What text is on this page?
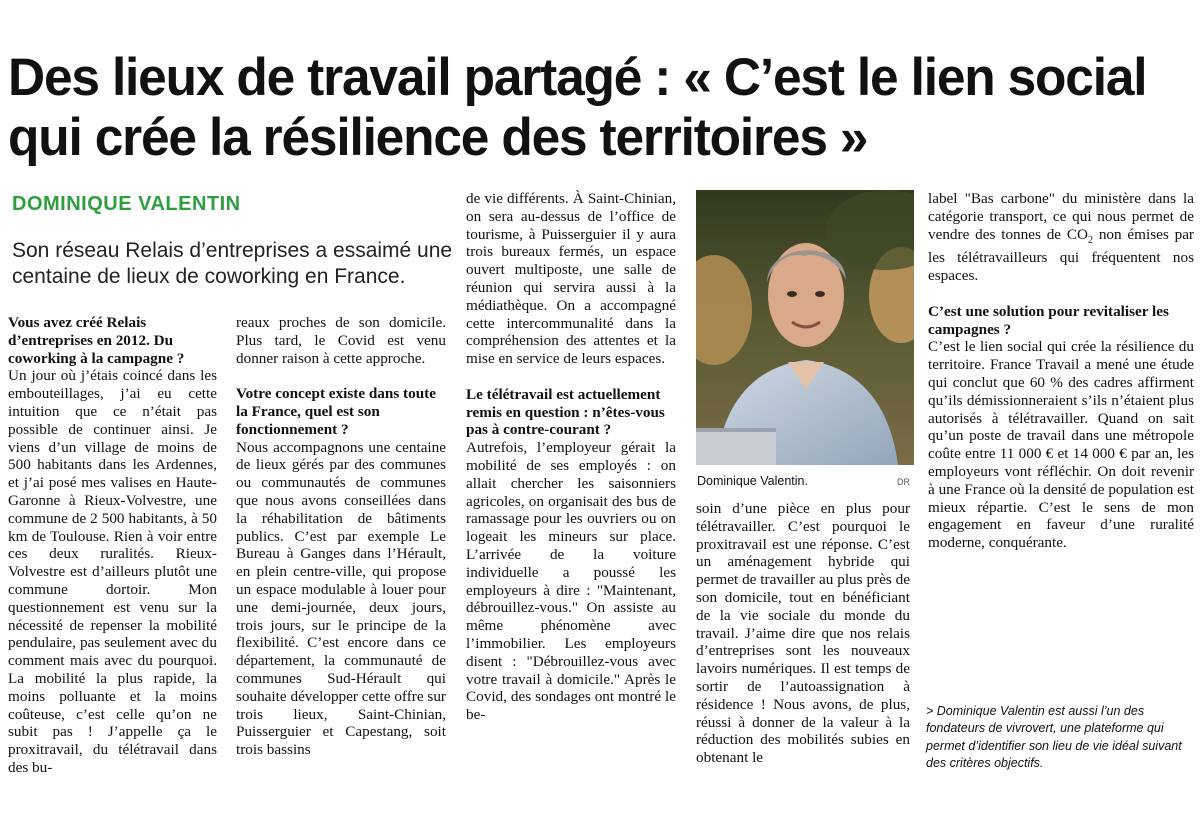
Des lieux de travail partagé : « C’est le lien social qui crée la résilience des territoires »
DOMINIQUE VALENTIN

Son réseau Relais d’entreprises a essaimé une centaine de lieux de coworking en France.

Vous avez créé Relais d’entreprises en 2012. Du coworking à la campagne ?

Un jour où j’étais coincé dans les embouteillages, j’ai eu cette intuition que ce n’était pas possible de continuer ainsi. Je viens d’un village de moins de 500 habitants dans les Ardennes, et j’ai posé mes valises en Haute-Garonne à Rieux-Volvestre, une commune de 2 500 habitants, à 50 km de Toulouse. Rien à voir entre ces deux ruralités. Rieux-Volvestre est d’ailleurs plutôt une commune dortoir. Mon questionnement est venu sur la nécessité de repenser la mobilité pendulaire, pas seulement avec du comment mais avec du pourquoi. La mobilité la plus rapide, la moins polluante et la moins coûteuse, c’est celle qu’on ne subit pas ! J’appelle ça le proxitravail, du télétravail dans des bu-

reaux proches de son domicile. Plus tard, le Covid est venu donner raison à cette approche.

Votre concept existe dans toute la France, quel est son fonctionnement ?

Nous accompagnons une centaine de lieux gérés par des communes ou communautés de communes que nous avons conseillées dans la réhabilitation de bâtiments publics. C’est par exemple Le Bureau à Ganges dans l’Hérault, en plein centre-ville, qui propose un espace modulable à louer pour une demi-journée, deux jours, trois jours, sur le principe de la flexibilité. C’est encore dans ce département, la communauté de communes Sud-Hérault qui souhaite développer cette offre sur trois lieux, Saint-Chinian, Puisserguier et Capestang, soit trois bassins

de vie différents. À Saint-Chinian, on sera au-dessus de l’office de tourisme, à Puisserguier il y aura trois bureaux fermés, un espace ouvert multiposte, une salle de réunion qui servira aussi à la médiathèque. On a accompagné cette intercommunalité dans la compréhension des attentes et la mise en service de leurs espaces.

Le télétravail est actuellement remis en question : n’êtes-vous pas à contre-courant ?

Autrefois, l’employeur gérait la mobilité de ses employés : on allait chercher les saisonniers agricoles, on organisait des bus de ramassage pour les ouvriers ou on logeait les mineurs sur place. L’arrivée de la voiture individuelle a poussé les employeurs à dire : "Maintenant, débrouillez-vous." On assiste au même phénomène avec l’immobilier. Les employeurs disent : "Débrouillez-vous avec votre travail à domicile." Après le Covid, des sondages ont montré le be-

Dominique Valentin.	DR

soin d’une pièce en plus pour télétravailler. C’est pourquoi le proxitravail est une réponse. C’est un aménagement hybride qui permet de travailler au plus près de son domicile, tout en bénéficiant de la vie sociale du monde du travail. J’aime dire que nos relais d’entreprises sont les nouveaux lavoirs numériques. Il est temps de sortir de l’autoassignation à résidence ! Nous avons, de plus, réussi à donner de la valeur à la réduction des mobilités subies en obtenant le

label "Bas carbone" du ministère dans la catégorie transport, ce qui nous permet de vendre des tonnes de $CO_2$ non émises par les télétravailleurs qui fréquentent nos espaces.

C’est une solution pour revitaliser les campagnes ?

C’est le lien social qui crée la résilience du territoire. France Travail a mené une étude qui conclut que 60 % des cadres affirment qu’ils démissionneraient s’ils n’étaient plus autorisés à télétravailler. Quand on sait qu’un poste de travail dans une métropole coûte entre 11 000 € et 14 000 € par an, les employeurs vont réfléchir. On doit revenir à une France où la densité de population est mieux répartie. C’est le sens de mon engagement en faveur d’une ruralité moderne, conquérante.

> Dominique Valentin est aussi l’un des fondateurs de vivrovert, une plateforme qui permet d’identifier son lieu de vie idéal suivant des critères objectifs.
